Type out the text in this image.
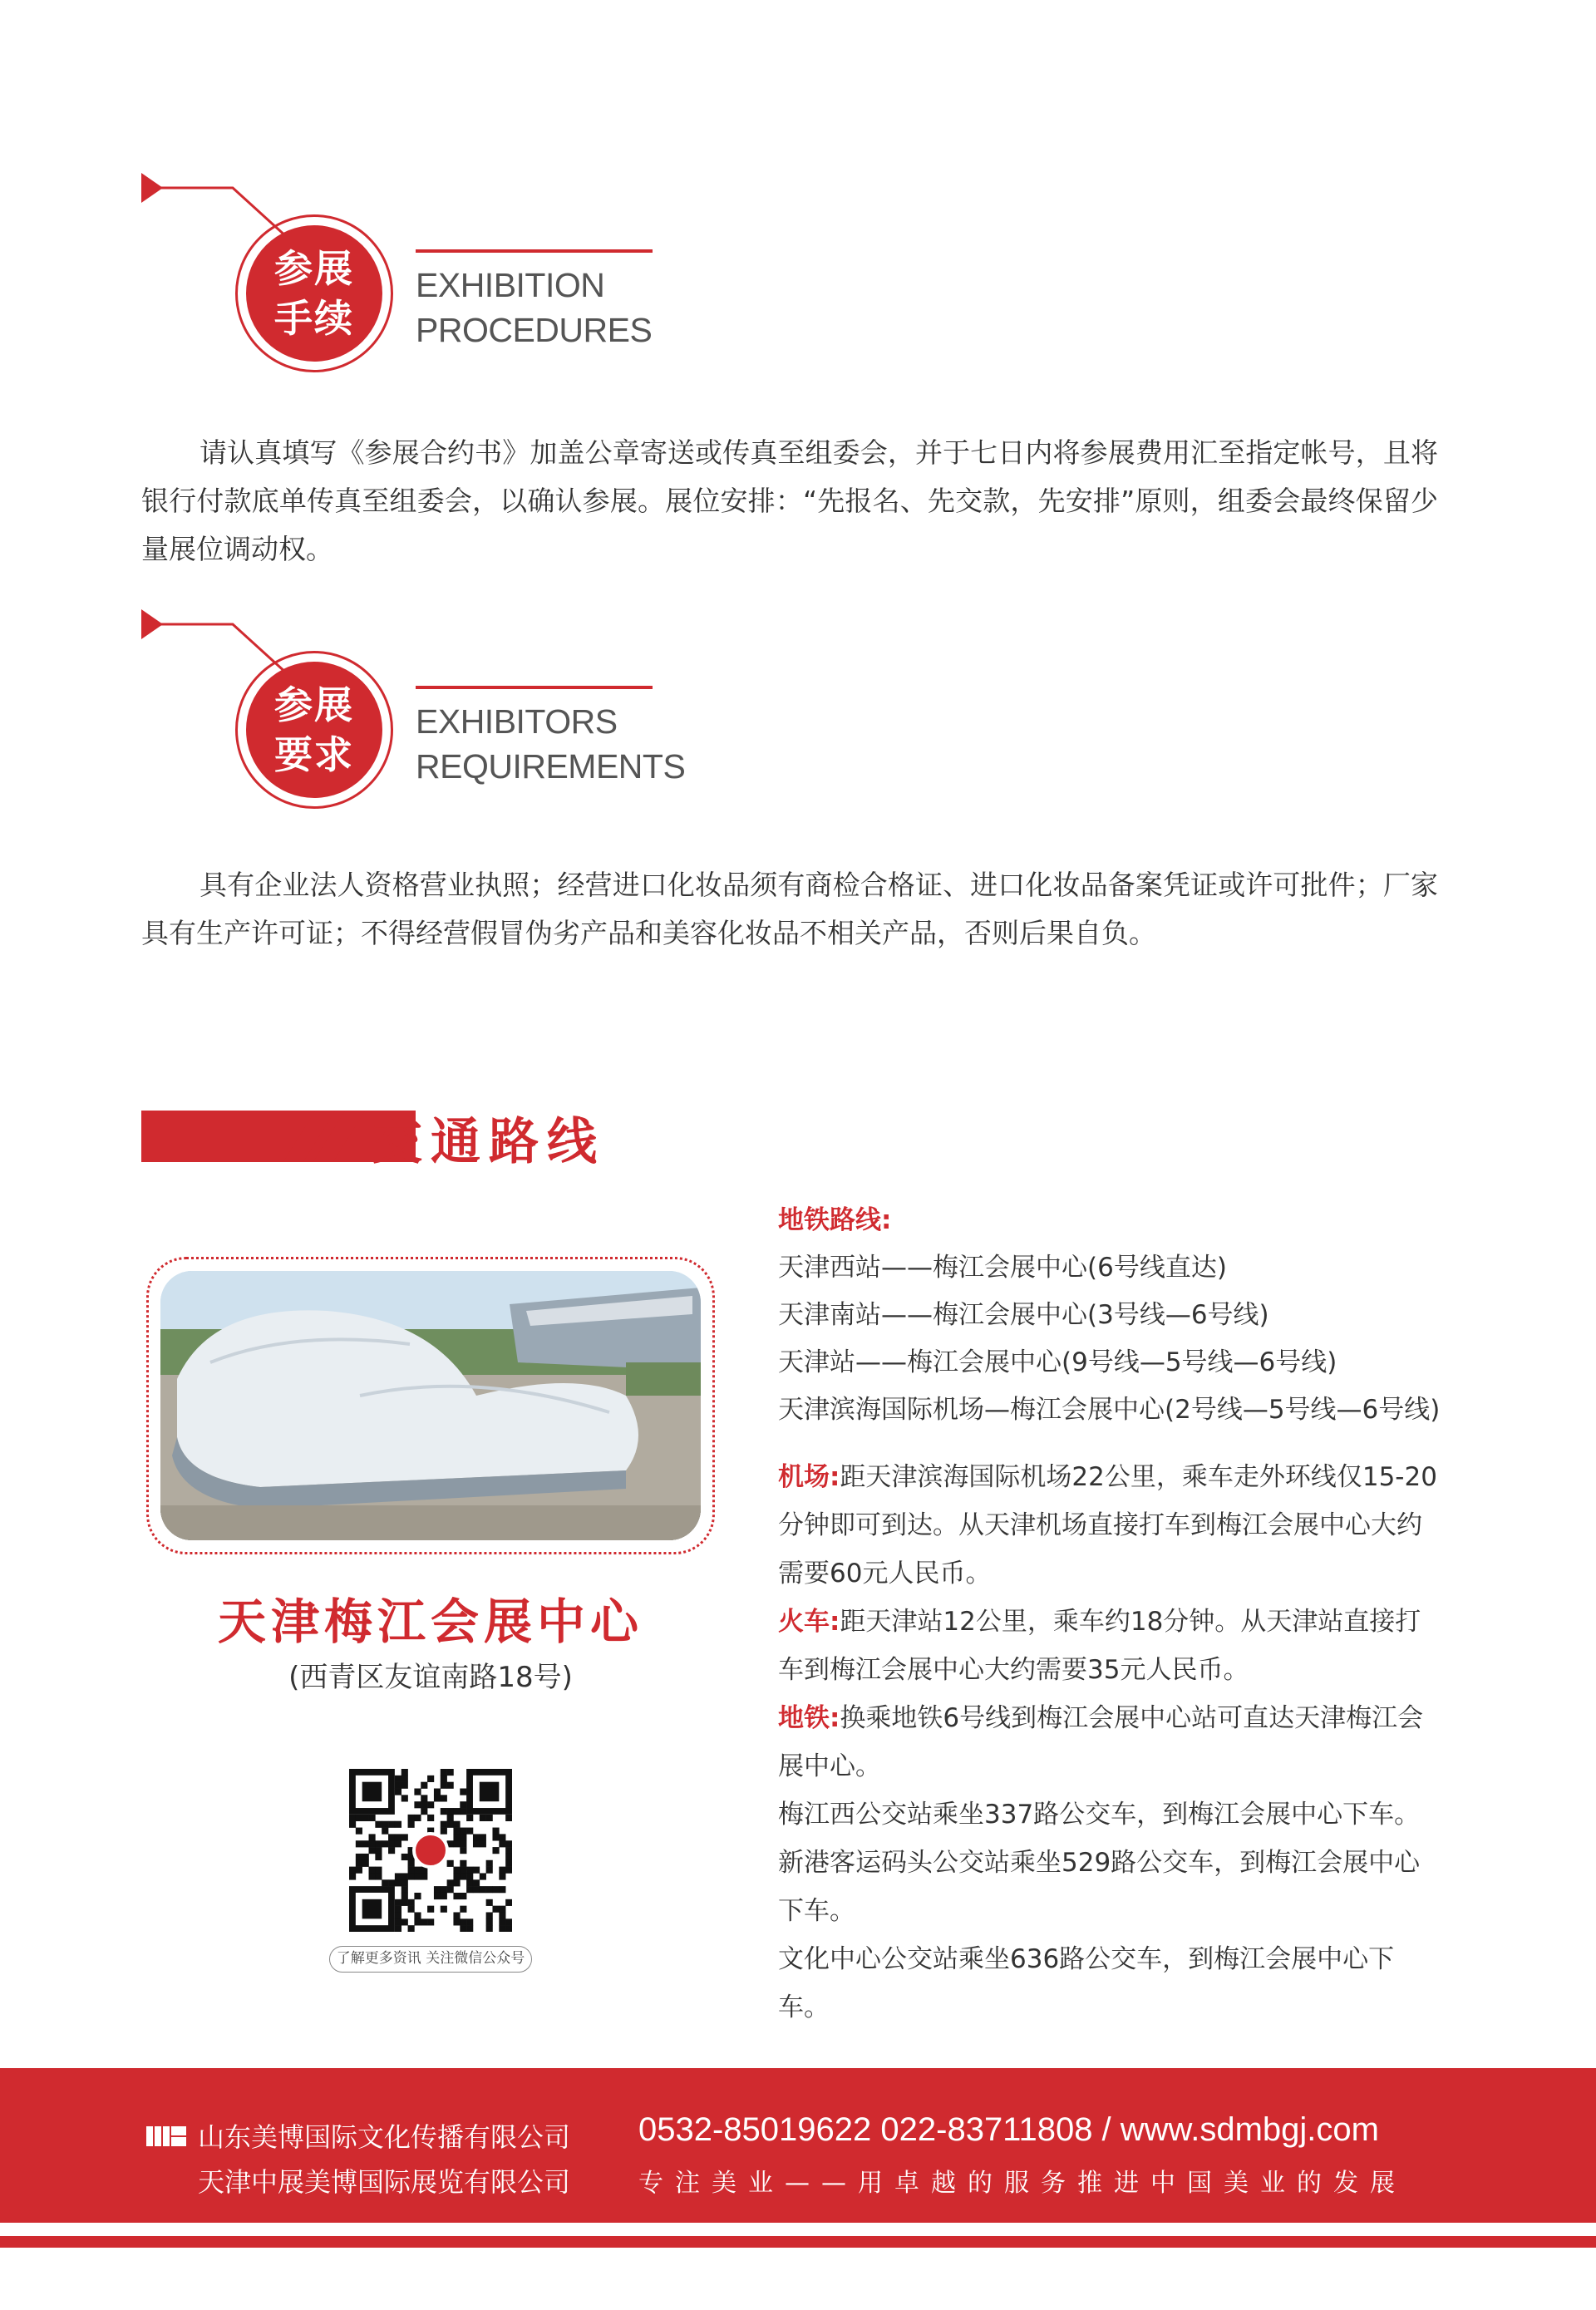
参展
手续
EXHIBITION
PROCEDURES
请认真填写《参展合约书》加盖公章寄送或传真至组委会，并于七日内将参展费用汇至指定帐号，且将银行付款底单传真至组委会，以确认参展。展位安排：“先报名、先交款，先安排”原则，组委会最终保留少量展位调动权。
参展
要求
EXHIBITORS
REQUIREMENTS
具有企业法人资格营业执照；经营进口化妆品须有商检合格证、进口化妆品备案凭证或许可批件；厂家具有生产许可证；不得经营假冒伪劣产品和美容化妆品不相关产品，否则后果自负。
交通路线
天津梅江会展中心
(西青区友谊南路18号)
了解更多资讯 关注微信公众号
地铁路线:
天津西站——梅江会展中心(6号线直达)
天津南站——梅江会展中心(3号线—6号线)
天津站——梅江会展中心(9号线—5号线—6号线)
天津滨海国际机场—梅江会展中心(2号线—5号线—6号线)
机场:距天津滨海国际机场22公里，乘车走外环线仅15-20分钟即可到达。从天津机场直接打车到梅江会展中心大约需要60元人民币。
火车:距天津站12公里，乘车约18分钟。从天津站直接打车到梅江会展中心大约需要35元人民币。
地铁:换乘地铁6号线到梅江会展中心站可直达天津梅江会展中心。
梅江西公交站乘坐337路公交车，到梅江会展中心下车。
新港客运码头公交站乘坐529路公交车，到梅江会展中心下车。
文化中心公交站乘坐636路公交车，到梅江会展中心下车。
山东美博国际文化传播有限公司
天津中展美博国际展览有限公司
0532-85019622 022-83711808 / www.sdmbgj.com
专注美业——用卓越的服务推进中国美业的发展
